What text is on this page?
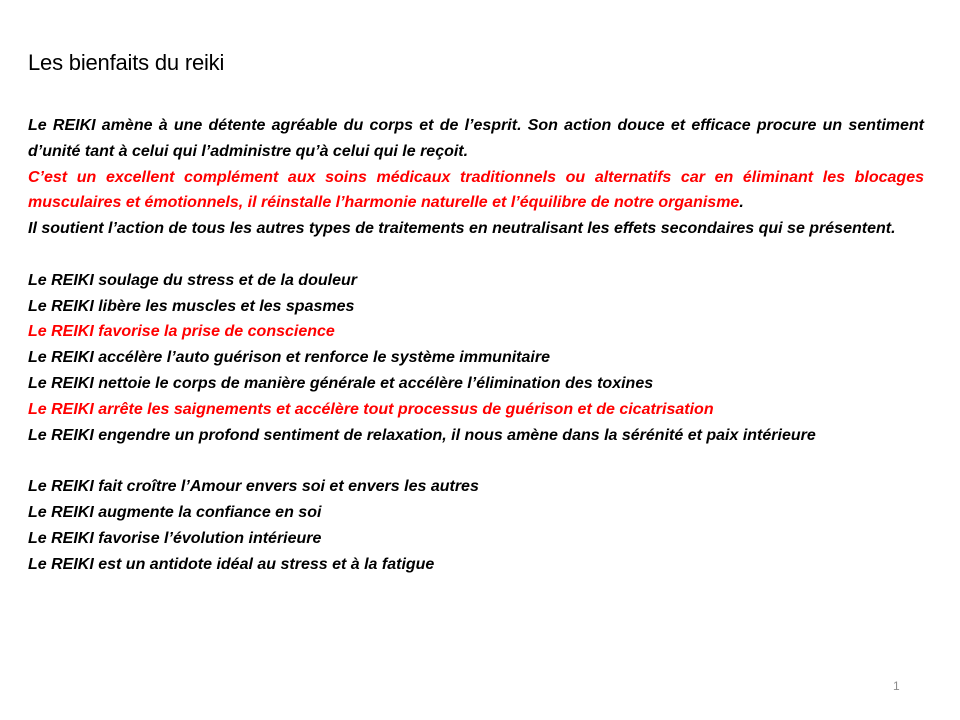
Les bienfaits du reiki

Le REIKI amène à une détente agréable du corps et de l’esprit. Son action douce et efficace procure un sentiment d’unité tant à celui qui l’administre qu’à celui qui le reçoit.

C’est un excellent complément aux soins médicaux traditionnels ou alternatifs car en éliminant les blocages musculaires et émotionnels, il réinstalle l’harmonie naturelle et l’équilibre de notre organisme.

Il soutient l’action de tous les autres types de traitements en neutralisant les effets secondaires qui se présentent.

Le REIKI soulage du stress et de la douleur

Le REIKI libère les muscles et les spasmes

Le REIKI favorise la prise de conscience

Le REIKI accélère l’auto guérison et renforce le système immunitaire

Le REIKI nettoie le corps de manière générale et accélère l’élimination des toxines

Le REIKI arrête les saignements et accélère tout processus de guérison et de cicatrisation

Le REIKI engendre un profond sentiment de relaxation, il nous amène dans la sérénité et paix intérieure

Le REIKI fait croître l’Amour envers soi et envers les autres

Le REIKI augmente la confiance en soi

Le REIKI favorise l’évolution intérieure

Le REIKI est un antidote idéal au stress et à la fatigue

1
